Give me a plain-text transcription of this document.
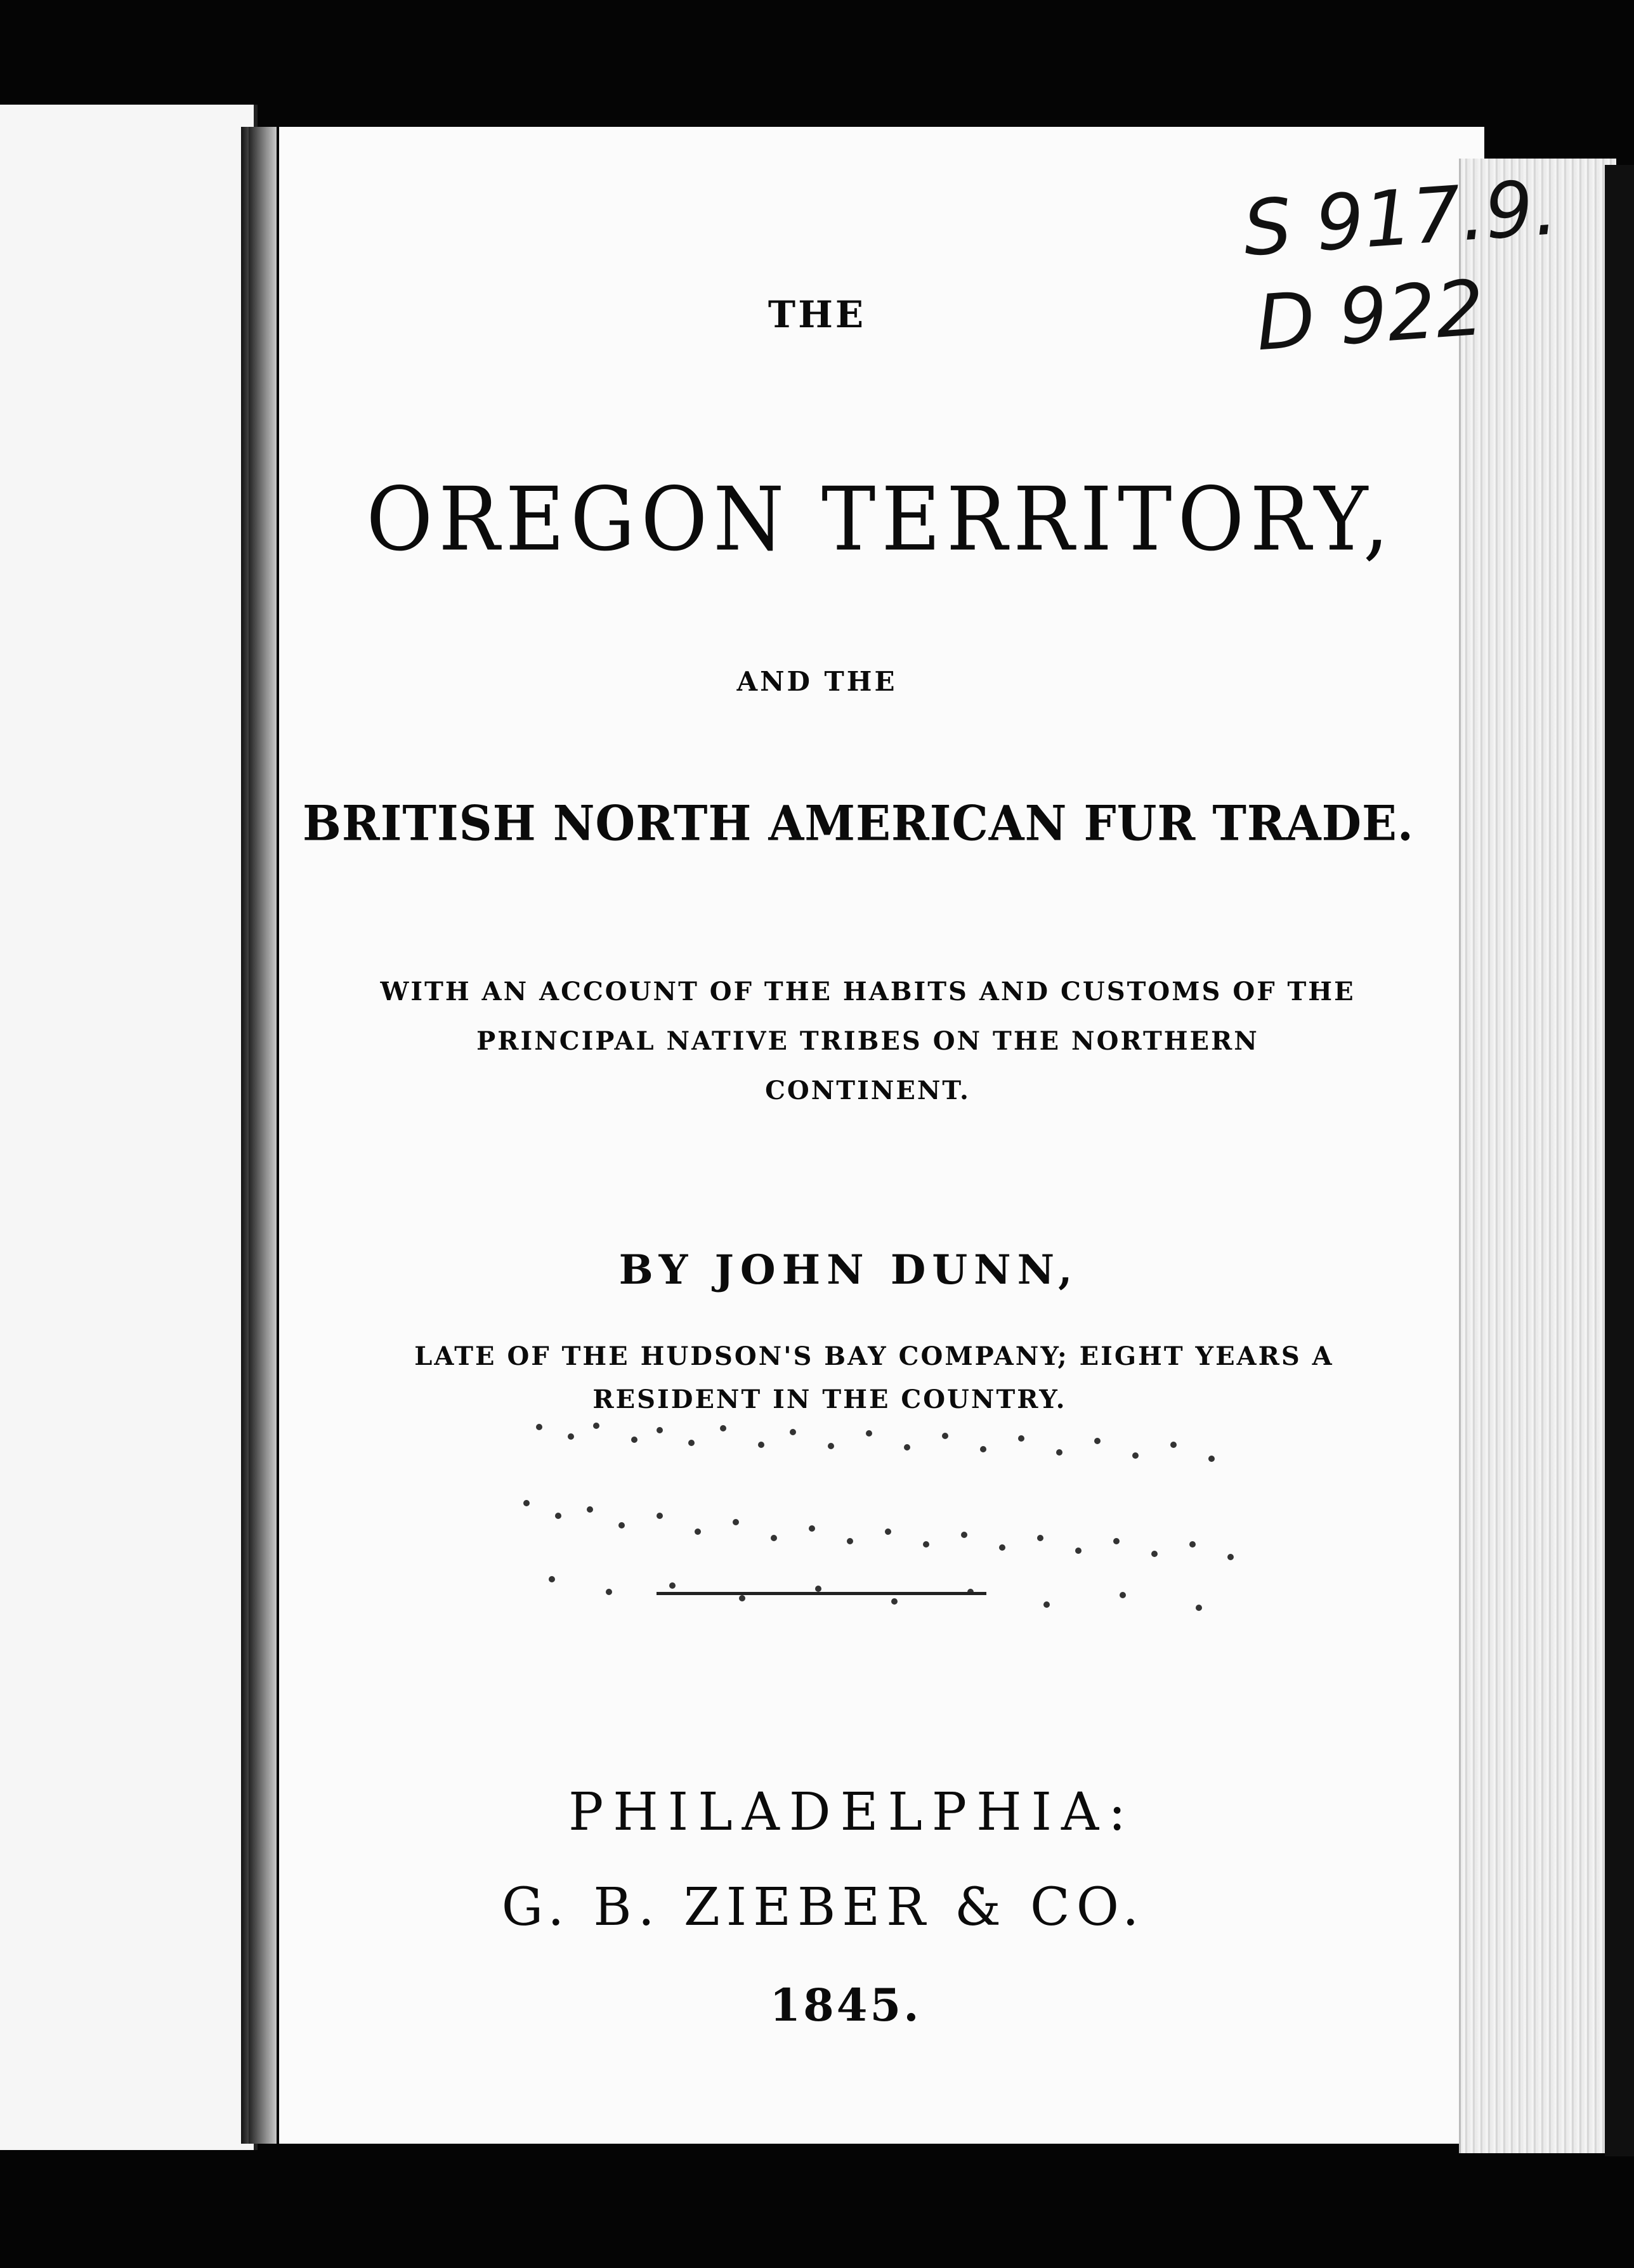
S 917.9.
D 922
THE
OREGON TERRITORY,
AND THE
BRITISH NORTH AMERICAN FUR TRADE.
WITH AN ACCOUNT OF THE HABITS AND CUSTOMS OF THE
PRINCIPAL NATIVE TRIBES ON THE NORTHERN
CONTINENT.
BY JOHN DUNN,
LATE OF THE HUDSON'S BAY COMPANY; EIGHT YEARS A
RESIDENT IN THE COUNTRY.
PHILADELPHIA:
G. B. ZIEBER & CO.
1845.
